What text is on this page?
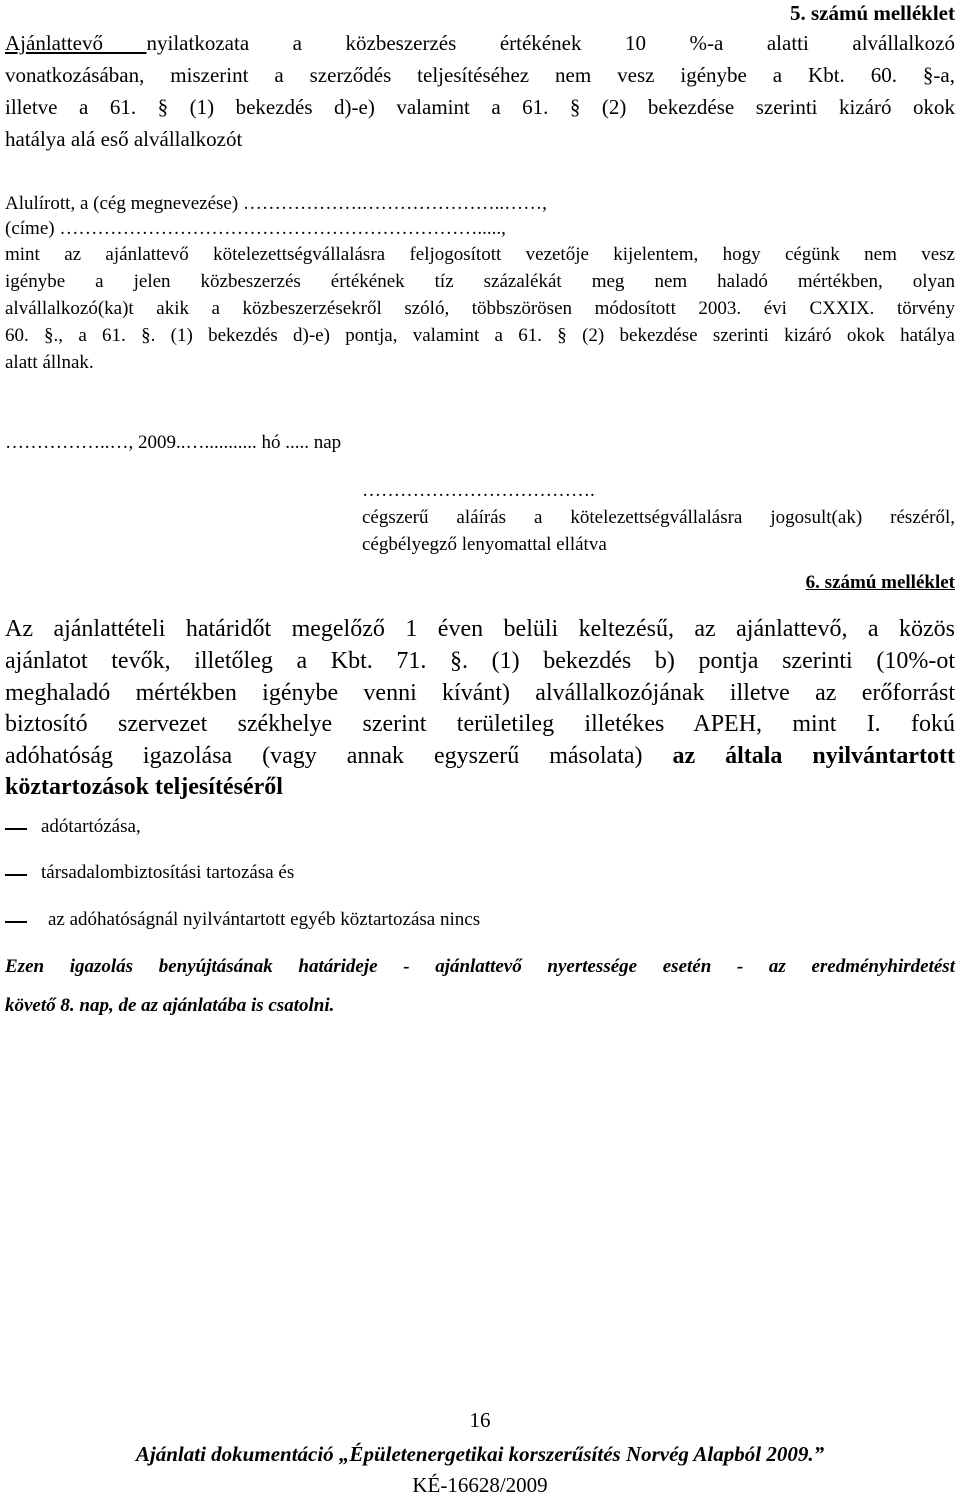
5. számú melléklet
Ajánlattevő nyilatkozata a közbeszerzés értékének 10 %-a alatti alvállalkozó
vonatkozásában, miszerint a szerződés teljesítéséhez nem vesz igénybe a Kbt. 60. §-a,
illetve a 61. § (1) bekezdés d)-e) valamint a 61. § (2) bekezdése szerinti kizáró okok
hatálya alá eső alvállalkozót
Alulírott, a (cég megnevezése) ……………….…………………..……,
(címe) ………………………………………………………….....,
mint az ajánlattevő kötelezettségvállalásra feljogosított vezetője kijelentem, hogy cégünk nem vesz
igénybe a jelen közbeszerzés értékének tíz százalékát meg nem haladó mértékben, olyan
alvállalkozó(ka)t akik a közbeszerzésekről szóló, többszörösen módosított 2003. évi CXXIX. törvény
60. §., a 61. §. (1) bekezdés d)-e) pontja, valamint a 61. § (2) bekezdése szerinti kizáró okok hatálya
alatt állnak.
……………..…, 2009..…........... hó ..... nap
……………………………….
cégszerű aláírás a kötelezettségvállalásra jogosult(ak) részéről,
cégbélyegző lenyomattal ellátva
6. számú melléklet
Az ajánlattételi határidőt megelőző 1 éven belüli keltezésű, az ajánlattevő, a közös
ajánlatot tevők, illetőleg a Kbt. 71. §. (1) bekezdés b) pontja szerinti (10%-ot
meghaladó mértékben igénybe venni kívánt) alvállalkozójának illetve az erőforrást
biztosító szervezet székhelye szerint területileg illetékes APEH, mint I. fokú
adóhatóság igazolása (vagy annak egyszerű másolata) az általa nyilvántartott
köztartozások teljesítéséről
adótartózása,
társadalombiztosítási tartozása és
az adóhatóságnál nyilvántartott egyéb köztartozása nincs
Ezen igazolás benyújtásának határideje - ajánlattevő nyertessége esetén - az eredményhirdetést
követő 8. nap, de az ajánlatába is csatolni.
16
Ajánlati dokumentáció „Épületenergetikai korszerűsítés Norvég Alapból 2009.”
KÉ-16628/2009
